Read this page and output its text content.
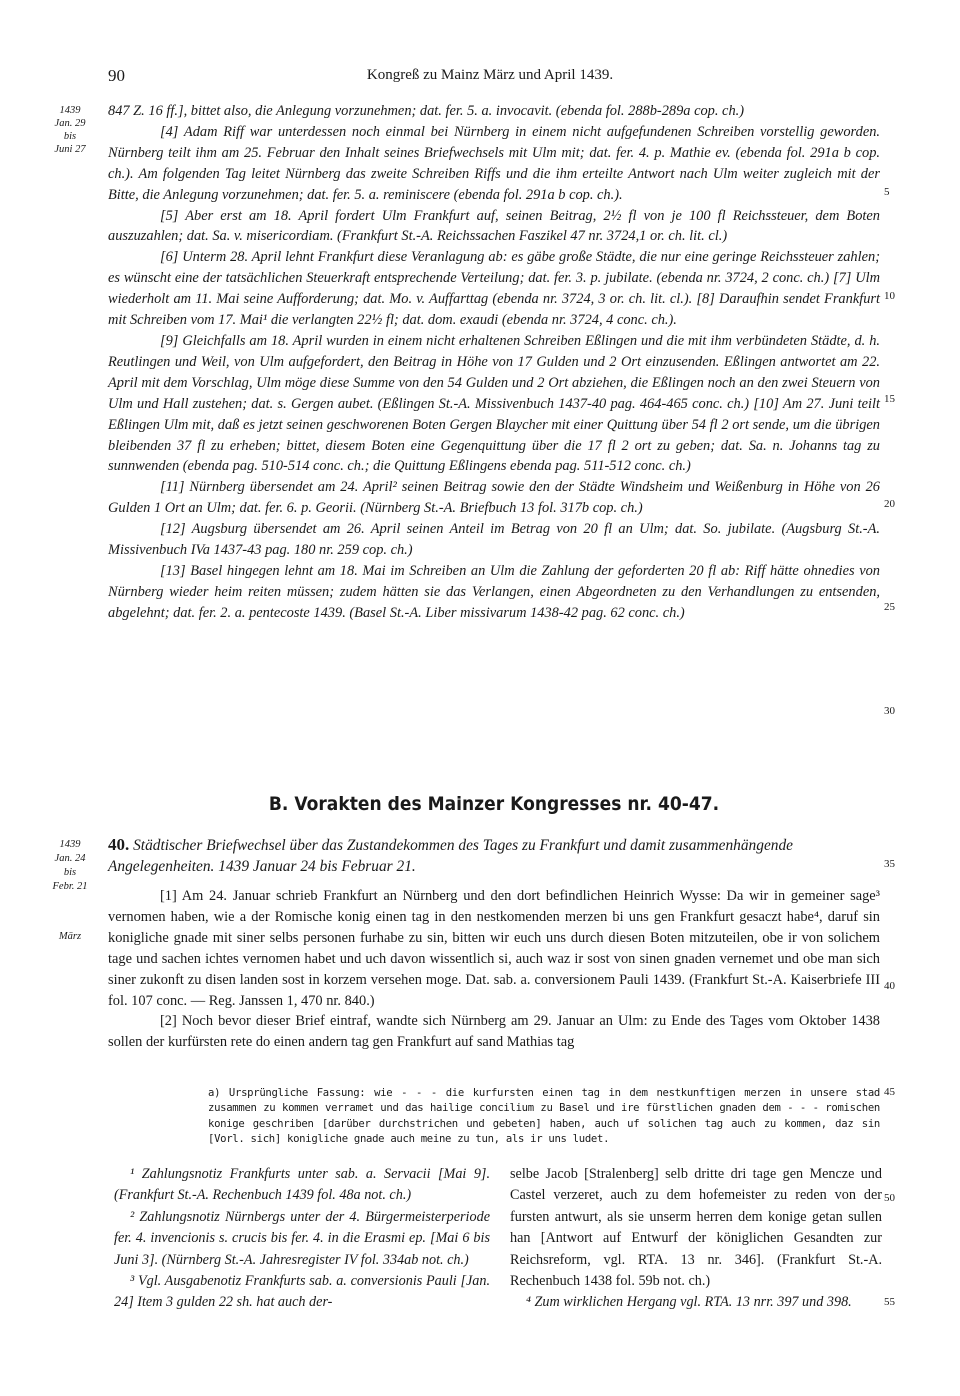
90	Kongreß zu Mainz März und April 1439.
1439
Jan. 29
bis
Juni 27
1439
Jan. 24
bis
Febr. 21
März
5
10
15
20
25
30
35
40
45
50
55

847 Z. 16 ff.], bittet also, die Anlegung vorzunehmen; dat. fer. 5. a. invocavit. (ebenda fol. 288b-289a cop. ch.)

[4] Adam Riff war unterdessen noch einmal bei Nürnberg in einem nicht aufgefundenen Schreiben vorstellig geworden. Nürnberg teilt ihm am 25. Februar den Inhalt seines Briefwechsels mit Ulm mit; dat. fer. 4. p. Mathie ev. (ebenda fol. 291a b cop. ch.). Am folgenden Tag leitet Nürnberg das zweite Schreiben Riffs und die ihm erteilte Antwort nach Ulm weiter zugleich mit der Bitte, die Anlegung vorzunehmen; dat. fer. 5. a. reminiscere (ebenda fol. 291a b cop. ch.).

[5] Aber erst am 18. April fordert Ulm Frankfurt auf, seinen Beitrag, 2½ fl von je 100 fl Reichssteuer, dem Boten auszuzahlen; dat. Sa. v. misericordiam. (Frankfurt St.-A. Reichssachen Faszikel 47 nr. 3724,1 or. ch. lit. cl.)

[6] Unterm 28. April lehnt Frankfurt diese Veranlagung ab: es gäbe große Städte, die nur eine geringe Reichssteuer zahlen; es wünscht eine der tatsächlichen Steuerkraft entsprechende Verteilung; dat. fer. 3. p. jubilate. (ebenda nr. 3724, 2 conc. ch.) [7] Ulm wiederholt am 11. Mai seine Aufforderung; dat. Mo. v. Auffarttag (ebenda nr. 3724, 3 or. ch. lit. cl.). [8] Daraufhin sendet Frankfurt mit Schreiben vom 17. Mai¹ die verlangten 22½ fl; dat. dom. exaudi (ebenda nr. 3724, 4 conc. ch.).

[9] Gleichfalls am 18. April wurden in einem nicht erhaltenen Schreiben Eßlingen und die mit ihm verbündeten Städte, d. h. Reutlingen und Weil, von Ulm aufgefordert, den Beitrag in Höhe von 17 Gulden und 2 Ort einzusenden. Eßlingen antwortet am 22. April mit dem Vorschlag, Ulm möge diese Summe von den 54 Gulden und 2 Ort abziehen, die Eßlingen noch an den zwei Steuern von Ulm und Hall zustehen; dat. s. Gergen aubet. (Eßlingen St.-A. Missivenbuch 1437-40 pag. 464-465 conc. ch.) [10] Am 27. Juni teilt Eßlingen Ulm mit, daß es jetzt seinen geschworenen Boten Gergen Blaycher mit einer Quittung über 54 fl 2 ort sende, um die übrigen bleibenden 37 fl zu erheben; bittet, diesem Boten eine Gegenquittung über die 17 fl 2 ort zu geben; dat. Sa. n. Johanns tag zu sunnwenden (ebenda pag. 510-514 conc. ch.; die Quittung Eßlingens ebenda pag. 511-512 conc. ch.)

[11] Nürnberg übersendet am 24. April² seinen Beitrag sowie den der Städte Windsheim und Weißenburg in Höhe von 26 Gulden 1 Ort an Ulm; dat. fer. 6. p. Georii. (Nürnberg St.-A. Briefbuch 13 fol. 317b cop. ch.)

[12] Augsburg übersendet am 26. April seinen Anteil im Betrag von 20 fl an Ulm; dat. So. jubilate. (Augsburg St.-A. Missivenbuch IVa 1437-43 pag. 180 nr. 259 cop. ch.)

[13] Basel hingegen lehnt am 18. Mai im Schreiben an Ulm die Zahlung der geforderten 20 fl ab: Riff hätte ohnedies von Nürnberg wieder heim reiten müssen; zudem hätten sie das Verlangen, einen Abgeordneten zu den Verhandlungen zu entsenden, abgelehnt; dat. fer. 2. a. pentecoste 1439. (Basel St.-A. Liber missivarum 1438-42 pag. 62 conc. ch.)

B. Vorakten des Mainzer Kongresses nr. 40-47.

40. Städtischer Briefwechsel über das Zustandekommen des Tages zu Frankfurt und damit zusammenhängende Angelegenheiten. 1439 Januar 24 bis Februar 21.

[1] Am 24. Januar schrieb Frankfurt an Nürnberg und den dort befindlichen Heinrich Wysse: Da wir in gemeiner sage³ vernomen haben, wie a der Romische konig einen tag in den nestkomenden merzen bi uns gen Frankfurt gesaczt habe⁴, daruf sin konigliche gnade mit siner selbs personen furhabe zu sin, bitten wir euch uns durch diesen Boten mitzuteilen, obe ir von solichem tage und sachen ichtes vernomen habet und uch davon wissentlich si, auch waz ir sost von sinen gnaden vernemet und obe man sich siner zukonft zu disen landen sost in korzem versehen moge. Dat. sab. a. conversionem Pauli 1439. (Frankfurt St.-A. Kaiserbriefe III fol. 107 conc. — Reg. Janssen 1, 470 nr. 840.)

[2] Noch bevor dieser Brief eintraf, wandte sich Nürnberg am 29. Januar an Ulm: zu Ende des Tages vom Oktober 1438 sollen der kurfürsten rete do einen andern tag gen Frankfurt auf sand Mathias tag

a) Ursprüngliche Fassung: wie - - - die kurfursten einen tag in dem nestkunftigen merzen in unsere stad zusammen zu kommen verramet und das hailige concilium zu Basel und ire fürstlichen gnaden dem - - - romischen konige geschriben [darüber durchstrichen und gebeten] haben, auch uf solichen tag auch zu kommen, daz sin [Vorl. sich] konigliche gnade auch meine zu tun, als ir uns ludet.

¹ Zahlungsnotiz Frankfurts unter sab. a. Servacii [Mai 9]. (Frankfurt St.-A. Rechenbuch 1439 fol. 48a not. ch.)

² Zahlungsnotiz Nürnbergs unter der 4. Bürgermeisterperiode fer. 4. invencionis s. crucis bis fer. 4. in die Erasmi ep. [Mai 6 bis Juni 3]. (Nürnberg St.-A. Jahresregister IV fol. 334ab not. ch.)

³ Vgl. Ausgabenotiz Frankfurts sab. a. conversionis Pauli [Jan. 24] Item 3 gulden 22 sh. hat auch der-

selbe Jacob [Stralenberg] selb dritte dri tage gen Mencze und Castel verzeret, auch zu dem hofemeister zu reden von der fursten antwurt, als sie unserm herren dem konige getan sullen han [Antwort auf Entwurf der königlichen Gesandten zur Reichsreform, vgl. RTA. 13 nr. 346]. (Frankfurt St.-A. Rechenbuch 1438 fol. 59b not. ch.)

⁴ Zum wirklichen Hergang vgl. RTA. 13 nrr. 397 und 398.
